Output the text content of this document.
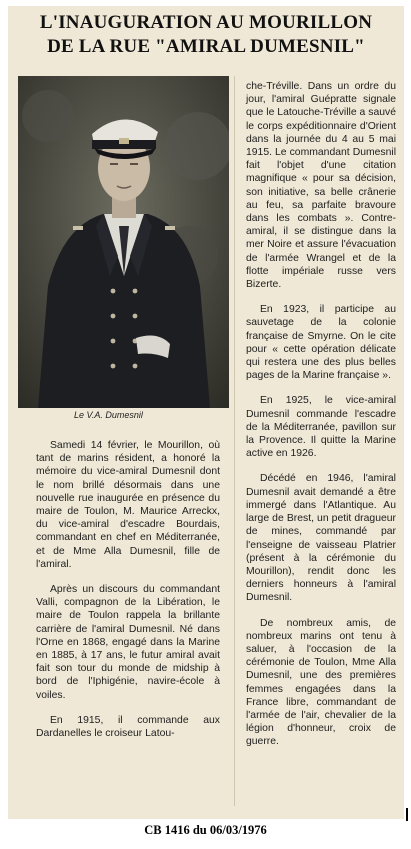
L'INAUGURATION AU MOURILLON
DE LA RUE "AMIRAL DUMESNIL"
Le V.A. Dumesnil

Samedi 14 février, le Mourillon, où tant de marins résident, a honoré la mémoire du vice-amiral Dumesnil dont le nom brillé désormais dans une nouvelle rue inaugurée en présence du maire de Toulon, M. Maurice Arreckx, du vice-amiral d'escadre Bourdais, commandant en chef en Méditerranée, et de Mme Alla Dumesnil, fille de l'amiral.

Après un discours du commandant Valli, compagnon de la Libération, le maire de Toulon rappela la brillante carrière de l'amiral Dumesnil. Né dans l'Orne en 1868, engagé dans la Marine en 1885, à 17 ans, le futur amiral avait fait son tour du monde de midship à bord de l'Iphigénie, navire-école à voiles.

En 1915, il commande aux Dardanelles le croiseur Latou-

che-Tréville. Dans un ordre du jour, l'amiral Guépratte signale que le Latouche-Tréville a sauvé le corps expéditionnaire d'Orient dans la journée du 4 au 5 mai 1915. Le commandant Dumesnil fait l'objet d'une citation magnifique « pour sa décision, son initiative, sa belle crânerie au feu, sa parfaite bravoure dans les combats ». Contre-amiral, il se distingue dans la mer Noire et assure l'évacuation de l'armée Wrangel et de la flotte impériale russe vers Bizerte.

En 1923, il participe au sauvetage de la colonie française de Smyrne. On le cite pour « cette opération délicate qui restera une des plus belles pages de la Marine française ».

En 1925, le vice-amiral Dumesnil commande l'escadre de la Méditerranée, pavillon sur la Provence. Il quitte la Marine active en 1926.

Décédé en 1946, l'amiral Dumesnil avait demandé a être immergé dans l'Atlantique. Au large de Brest, un petit dragueur de mines, commandé par l'enseigne de vaisseau Platrier (présent à la cérémonie du Mourillon), rendit donc les derniers honneurs à l'amiral Dumesnil.

De nombreux amis, de nombreux marins ont tenu à saluer, à l'occasion de la cérémonie de Toulon, Mme Alla Dumesnil, une des premières femmes engagées dans la France libre, commandant de l'armée de l'air, chevalier de la légion d'honneur, croix de guerre.

CB 1416 du 06/03/1976
